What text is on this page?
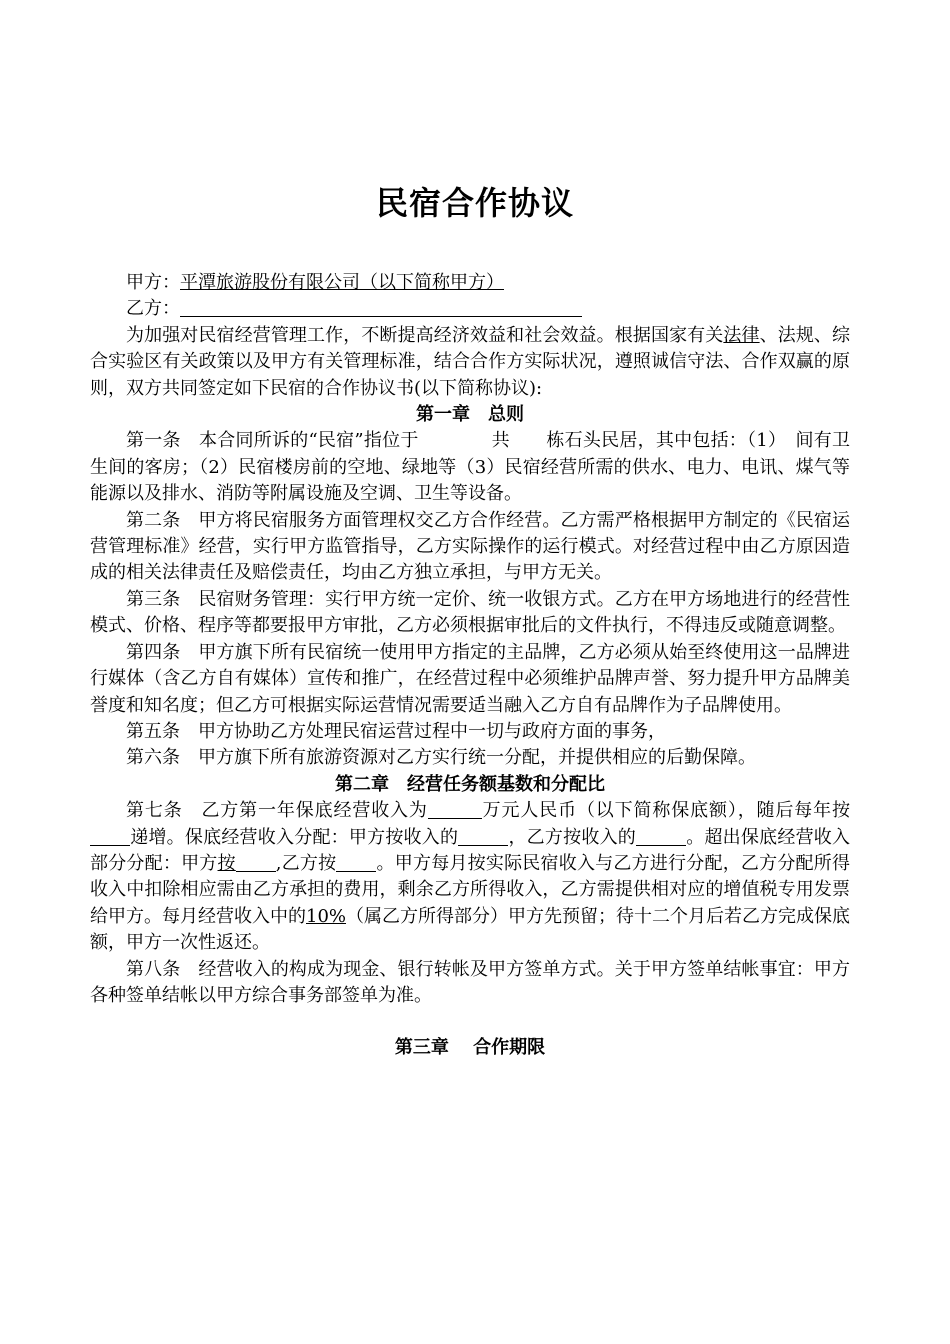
民宿合作协议
甲方：平潭旅游股份有限公司（以下简称甲方）
乙方：
为加强对民宿经营管理工作，不断提高经济效益和社会效益。根据国家有关法律、法规、综合实验区有关政策以及甲方有关管理标准，结合合作方实际状况，遵照诚信守法、合作双赢的原则，双方共同签定如下民宿的合作协议书(以下简称协议):
第一章　总则
第一条　本合同所诉的“民宿”指位于　　　　共　　栋石头民居，其中包括：（1）　间有卫生间的客房；（2）民宿楼房前的空地、绿地等（3）民宿经营所需的供水、电力、电讯、煤气等能源以及排水、消防等附属设施及空调、卫生等设备。
第二条　甲方将民宿服务方面管理权交乙方合作经营。乙方需严格根据甲方制定的《民宿运营管理标准》经营，实行甲方监管指导，乙方实际操作的运行模式。对经营过程中由乙方原因造成的相关法律责任及赔偿责任，均由乙方独立承担，与甲方无关。
第三条　民宿财务管理：实行甲方统一定价、统一收银方式。乙方在甲方场地进行的经营性模式、价格、程序等都要报甲方审批，乙方必须根据审批后的文件执行，不得违反或随意调整。
第四条　甲方旗下所有民宿统一使用甲方指定的主品牌，乙方必须从始至终使用这一品牌进行媒体（含乙方自有媒体）宣传和推广，在经营过程中必须维护品牌声誉、努力提升甲方品牌美誉度和知名度；但乙方可根据实际运营情况需要适当融入乙方自有品牌作为子品牌使用。
第五条　甲方协助乙方处理民宿运营过程中一切与政府方面的事务，
第六条　甲方旗下所有旅游资源对乙方实行统一分配，并提供相应的后勤保障。
第二章　经营任务额基数和分配比
第七条　乙方第一年保底经营收入为	万元人民币（以下简称保底额），随后每年按递增。保底经营收入分配：甲方按收入的	，乙方按收入的	。超出保底经营收入部分分配：甲方按 ,乙方按 。甲方每月按实际民宿收入与乙方进行分配，乙方分配所得收入中扣除相应需由乙方承担的费用，剩余乙方所得收入，乙方需提供相对应的增值税专用发票给甲方。每月经营收入中的10%（属乙方所得部分）甲方先预留；待十二个月后若乙方完成保底额，甲方一次性返还。
第八条　经营收入的构成为现金、银行转帐及甲方签单方式。关于甲方签单结帐事宜：甲方各种签单结帐以甲方综合事务部签单为准。
第三章　 合作期限
